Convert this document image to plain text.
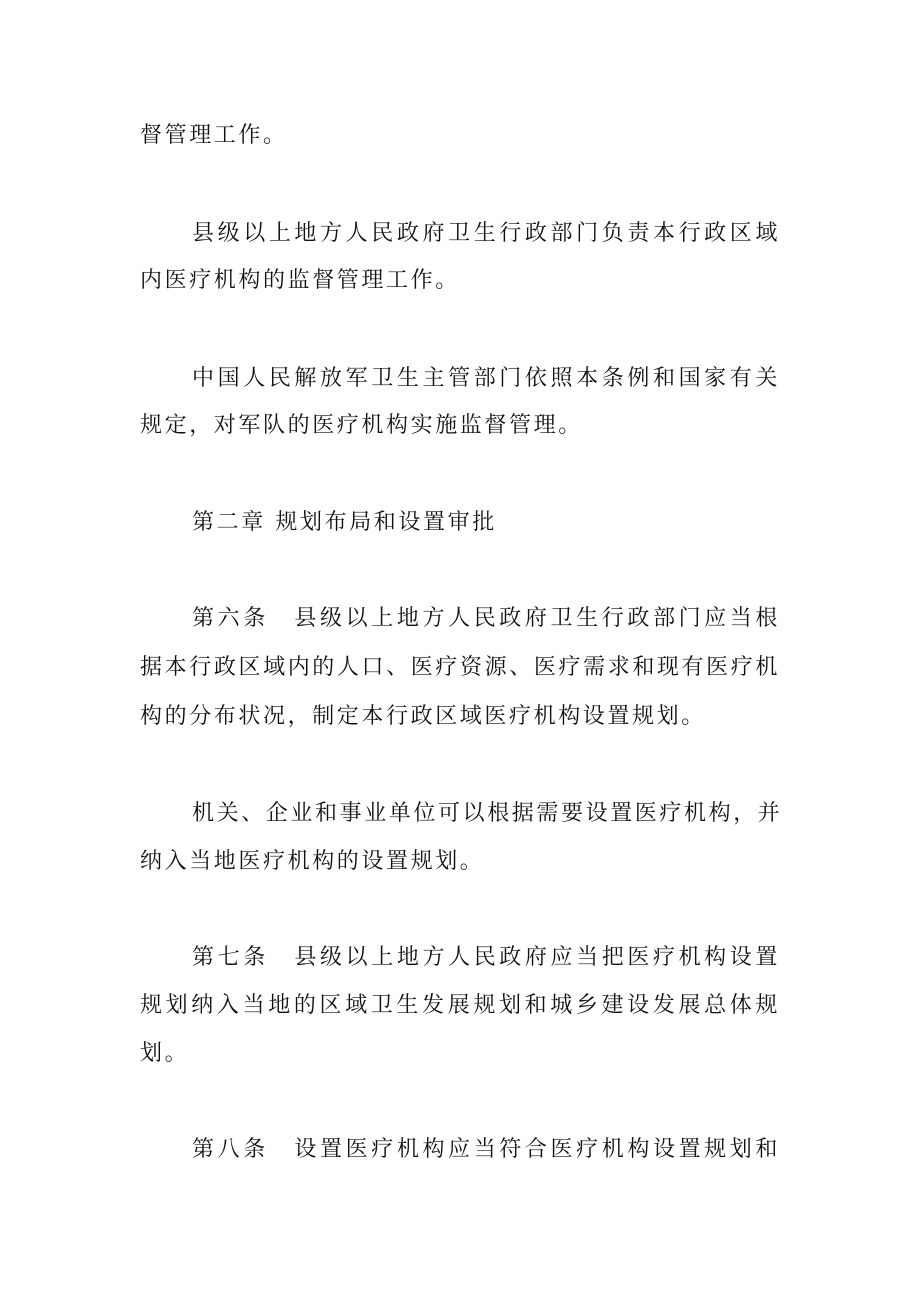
督管理工作。
县级以上地方人民政府卫生行政部门负责本行政区域
内医疗机构的监督管理工作。
中国人民解放军卫生主管部门依照本条例和国家有关
规定，对军队的医疗机构实施监督管理。
第二章 规划布局和设置审批
第六条　县级以上地方人民政府卫生行政部门应当根
据本行政区域内的人口、医疗资源、医疗需求和现有医疗机
构的分布状况，制定本行政区域医疗机构设置规划。
机关、企业和事业单位可以根据需要设置医疗机构，并
纳入当地医疗机构的设置规划。
第七条　县级以上地方人民政府应当把医疗机构设置
规划纳入当地的区域卫生发展规划和城乡建设发展总体规
划。
第八条　设置医疗机构应当符合医疗机构设置规划和
